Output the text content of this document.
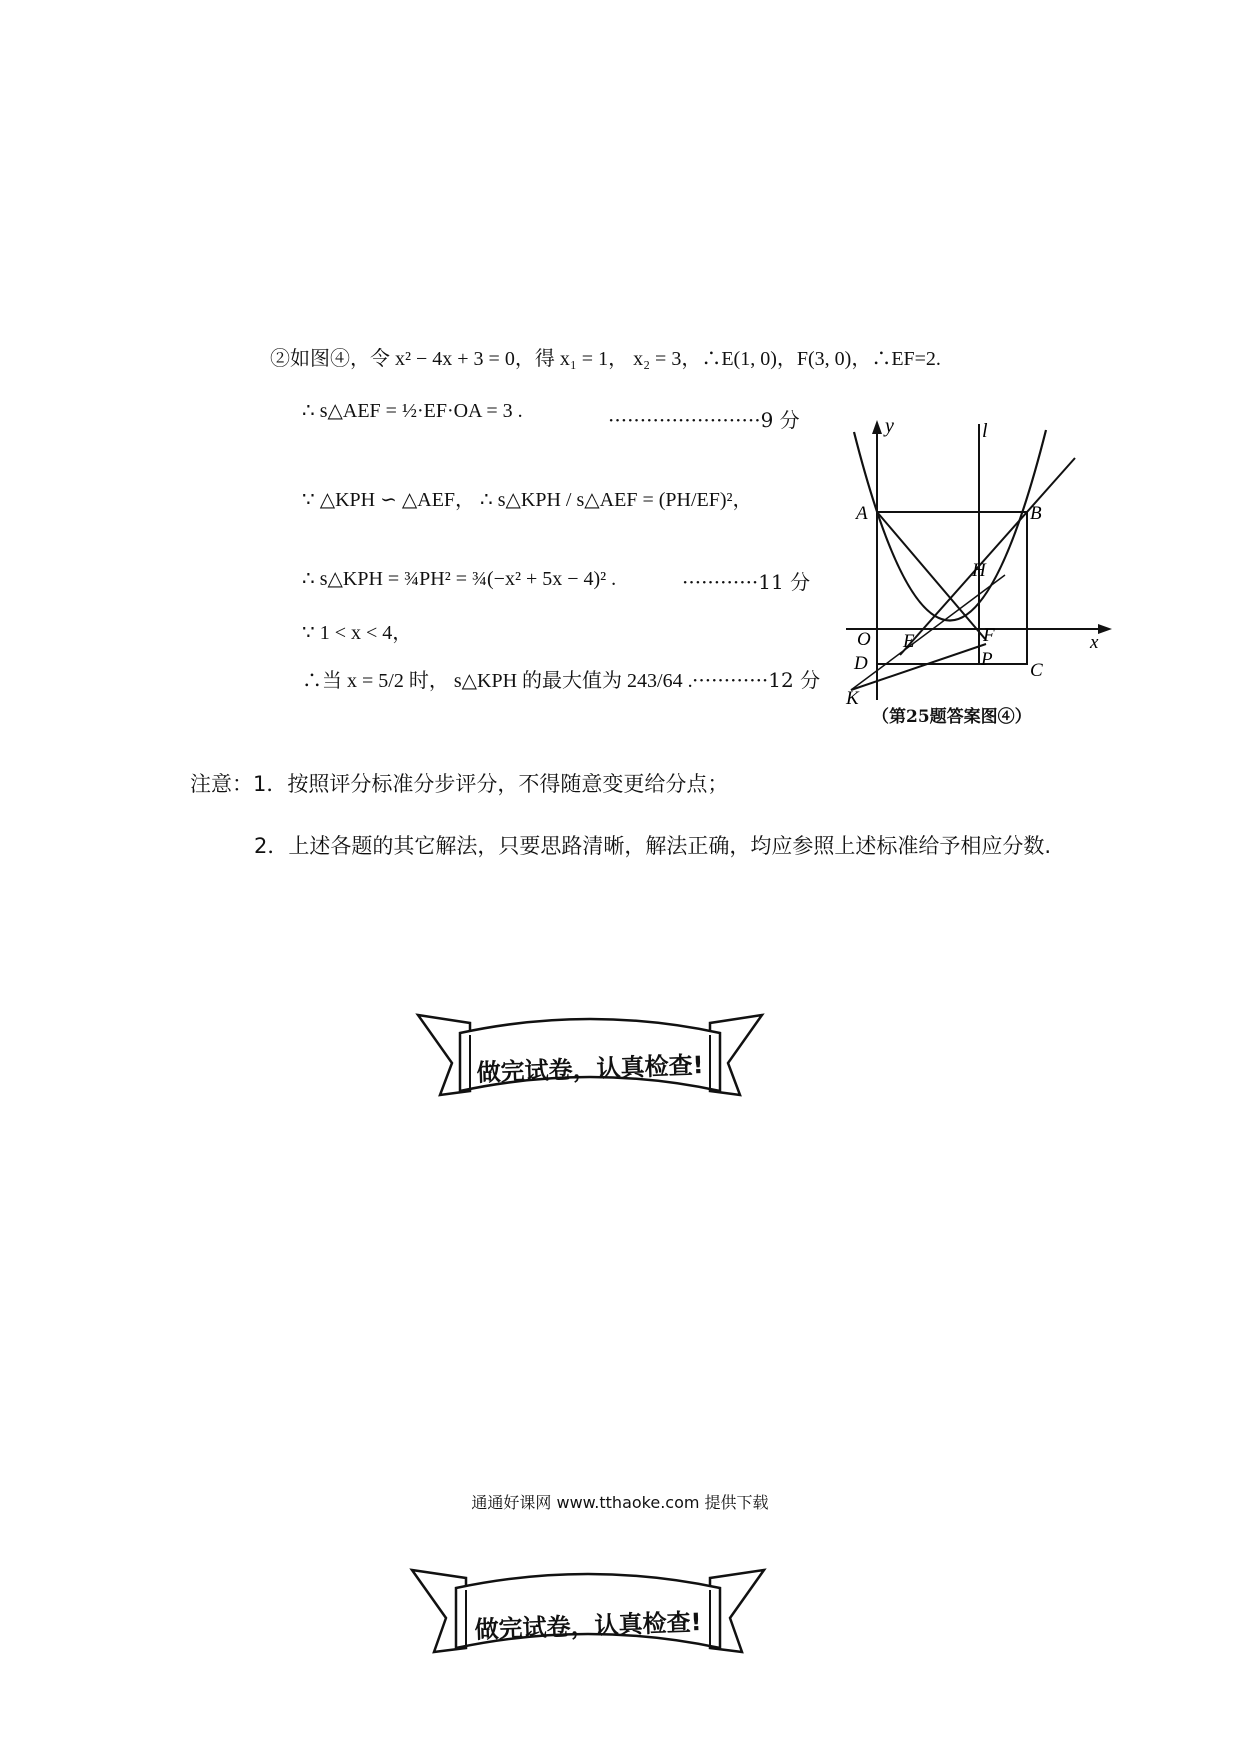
②如图④，令 x² − 4x + 3 = 0，得 x₁ = 1， x₂ = 3，∴E(1, 0)，F(3, 0)，∴EF=2.
∴ s△AEF = ½·EF·OA = 3 .	························9 分
∵ △KPH ∽ △AEF， ∴ s△KPH / s△AEF = (PH/EF)²，
∴ s△KPH = ¾PH² = ¾(−x² + 5x − 4)² .	············11 分
∵ 1 < x < 4，
∴当 x = 5/2 时， s△KPH 的最大值为 243/64 . ············12 分
y	l
A	B
H
O E	F	x
D	P
C
K
（第25题答案图④）
注意：1．按照评分标准分步评分，不得随意变更给分点；
2．上述各题的其它解法，只要思路清晰，解法正确，均应参照上述标准给予相应分数.
做完试卷，认真检查!
通通好课网 www.tthaoke.com 提供下载
做完试卷，认真检查!
